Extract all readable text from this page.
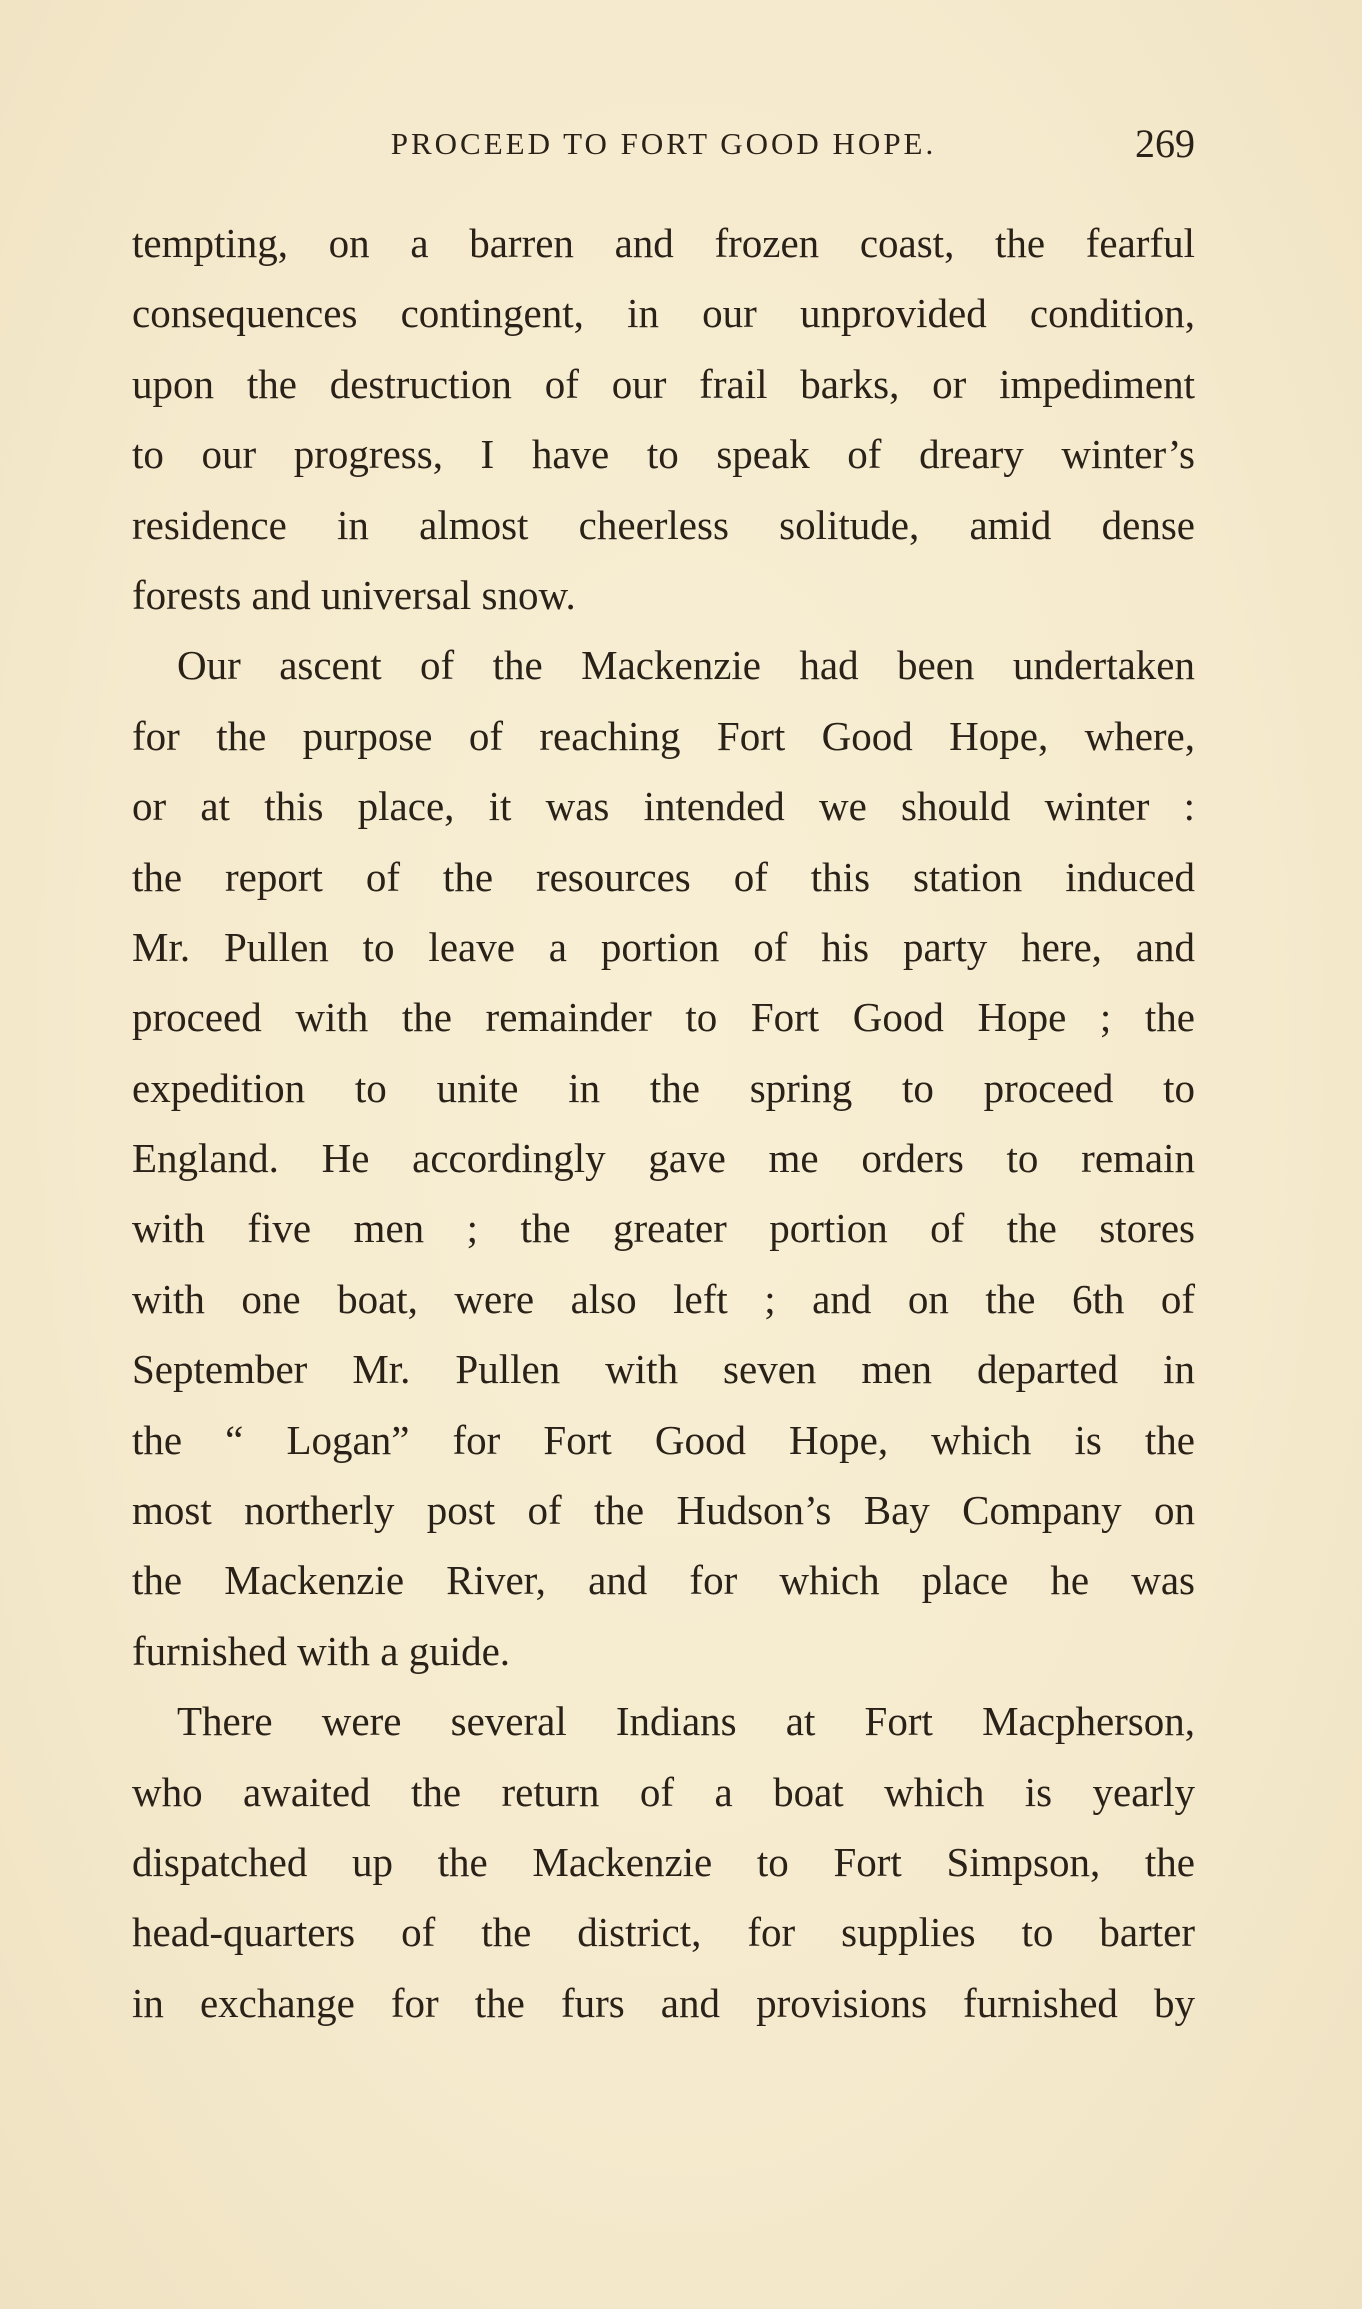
PROCEED TO FORT GOOD HOPE.	269
tempting, on a barren and frozen coast, the fearful
consequences contingent, in our unprovided condition,
upon the destruction of our frail barks, or impediment
to our progress, I have to speak of dreary winter’s
residence in almost cheerless solitude, amid dense
forests and universal snow.
Our ascent of the Mackenzie had been undertaken
for the purpose of reaching Fort Good Hope, where,
or at this place, it was intended we should winter :
the report of the resources of this station induced
Mr. Pullen to leave a portion of his party here, and
proceed with the remainder to Fort Good Hope ; the
expedition to unite in the spring to proceed to
England. He accordingly gave me orders to remain
with five men ; the greater portion of the stores
with one boat, were also left ; and on the 6th of
September Mr. Pullen with seven men departed in
the “ Logan” for Fort Good Hope, which is the
most northerly post of the Hudson’s Bay Company on
the Mackenzie River, and for which place he was
furnished with a guide.
There were several Indians at Fort Macpherson,
who awaited the return of a boat which is yearly
dispatched up the Mackenzie to Fort Simpson, the
head-quarters of the district, for supplies to barter
in exchange for the furs and provisions furnished by
